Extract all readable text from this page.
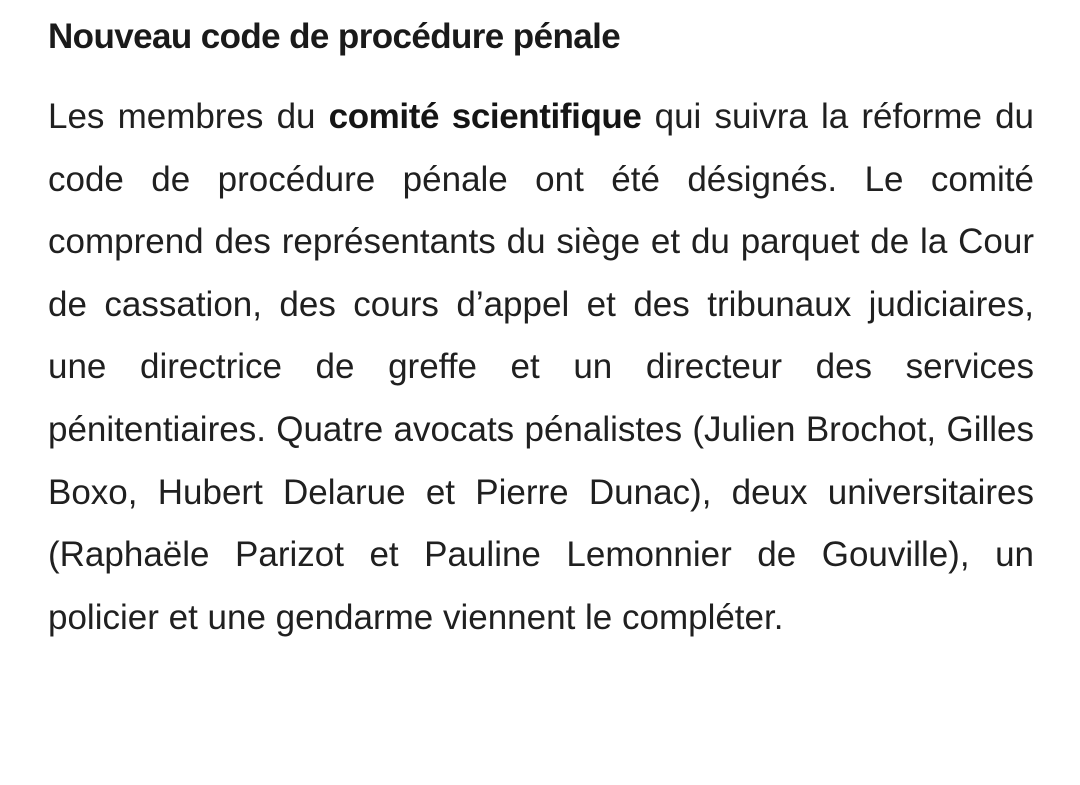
Nouveau code de procédure pénale

Les membres du comité scientifique qui suivra la réforme du code de procédure pénale ont été désignés. Le comité comprend des représentants du siège et du parquet de la Cour de cassation, des cours d’appel et des tribunaux judiciaires, une directrice de greffe et un directeur des services pénitentiaires. Quatre avocats pénalistes (Julien Brochot, Gilles Boxo, Hubert Delarue et Pierre Dunac), deux universitaires (Raphaële Parizot et Pauline Lemonnier de Gouville), un policier et une gendarme viennent le compléter.
